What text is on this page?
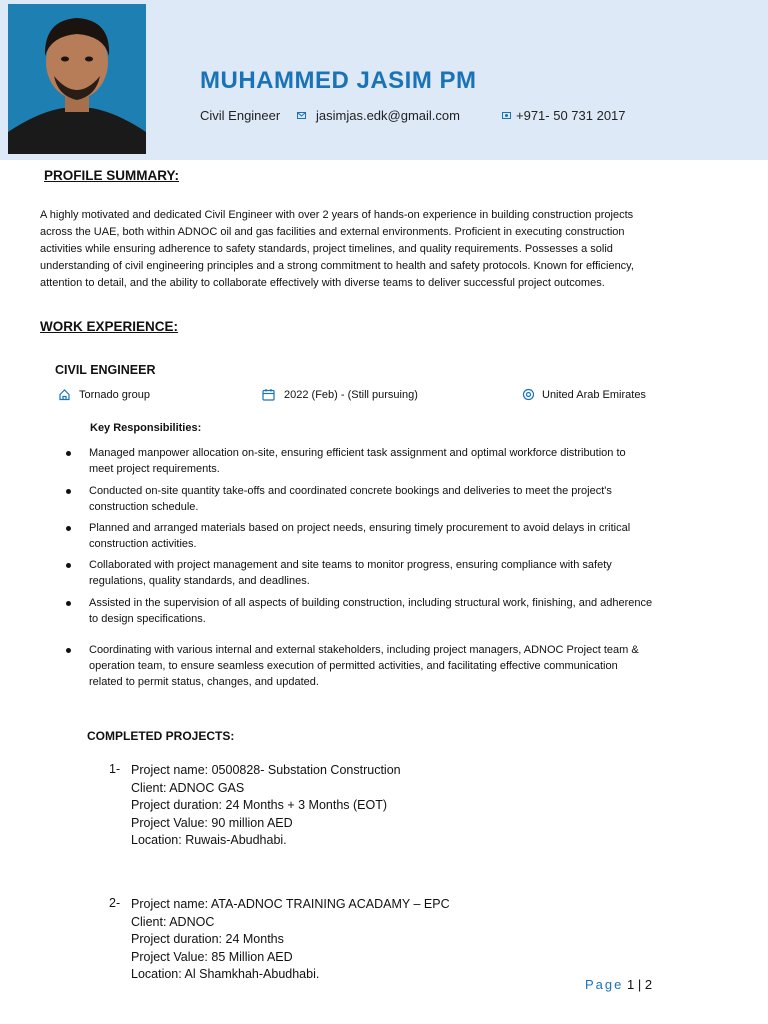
MUHAMMED JASIM PM
Civil Engineer	jasimjas.edk@gmail.com	+971- 50 731 2017
PROFILE SUMMARY:
A highly motivated and dedicated Civil Engineer with over 2 years of hands-on experience in building construction projects
across the UAE, both within ADNOC oil and gas facilities and external environments. Proficient in executing construction
activities while ensuring adherence to safety standards, project timelines, and quality requirements. Possesses a solid
understanding of civil engineering principles and a strong commitment to health and safety protocols. Known for efficiency,
attention to detail, and the ability to collaborate effectively with diverse teams to deliver successful project outcomes.
WORK EXPERIENCE:
CIVIL ENGINEER
Tornado group	2022 (Feb) - (Still pursuing)	United Arab Emirates
Key Responsibilities:
Managed manpower allocation on-site, ensuring efficient task assignment and optimal workforce distribution to
meet project requirements.
Conducted on-site quantity take-offs and coordinated concrete bookings and deliveries to meet the project's
construction schedule.
Planned and arranged materials based on project needs, ensuring timely procurement to avoid delays in critical
construction activities.
Collaborated with project management and site teams to monitor progress, ensuring compliance with safety
regulations, quality standards, and deadlines.
Assisted in the supervision of all aspects of building construction, including structural work, finishing, and adherence
to design specifications.
Coordinating with various internal and external stakeholders, including project managers, ADNOC Project team &
operation team, to ensure seamless execution of permitted activities, and facilitating effective communication
related to permit status, changes, and updated.
COMPLETED PROJECTS:
1- Project name: 0500828- Substation Construction
Client: ADNOC GAS
Project duration: 24 Months + 3 Months (EOT)
Project Value: 90 million AED
Location: Ruwais-Abudhabi.
2- Project name: ATA-ADNOC TRAINING ACADAMY – EPC
Client: ADNOC
Project duration: 24 Months
Project Value: 85 Million AED
Location: Al Shamkhah-Abudhabi.
Page 1 | 2
